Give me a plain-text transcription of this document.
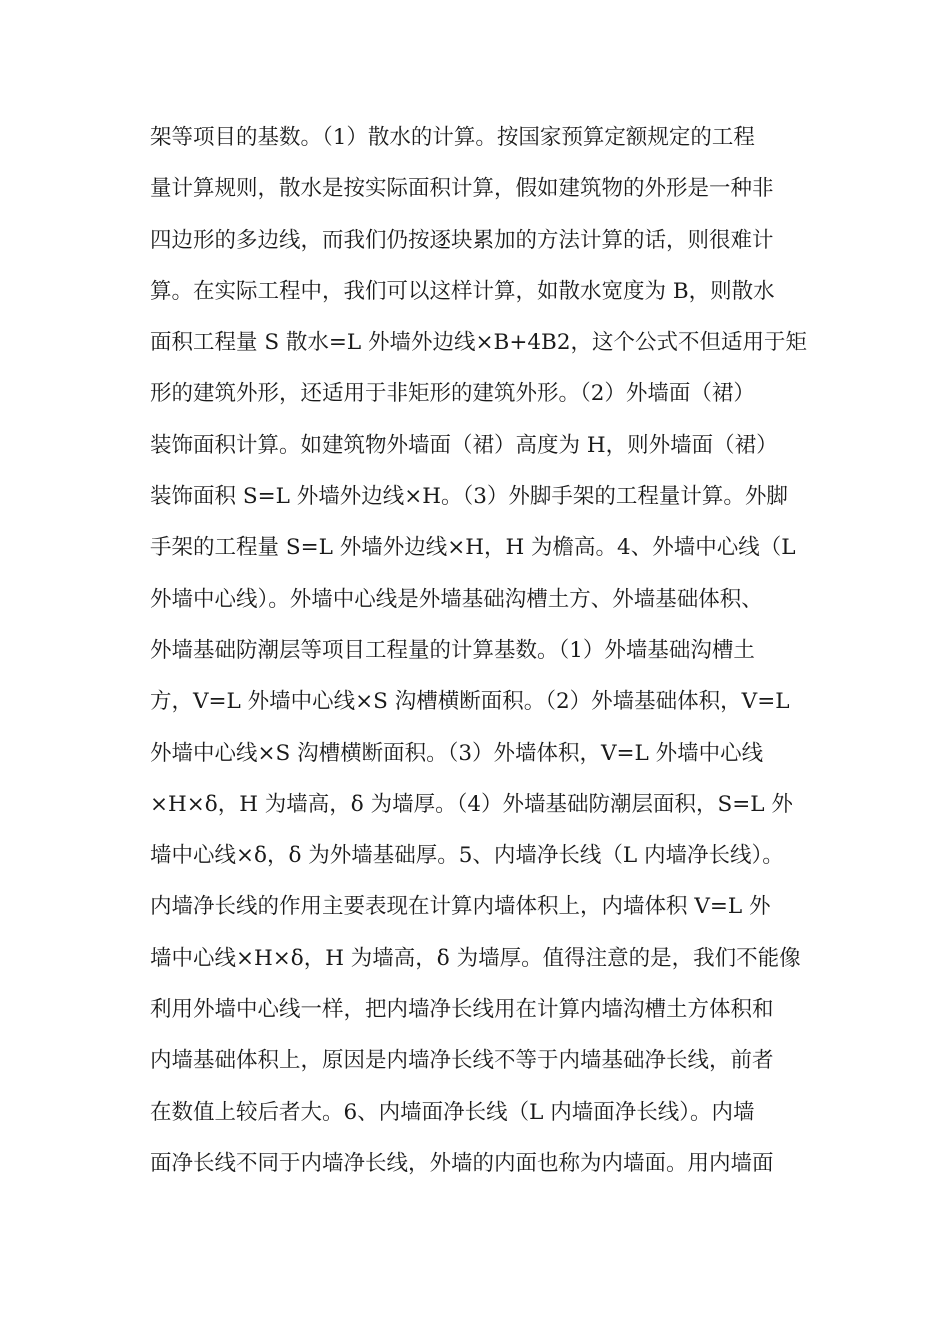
架等项目的基数。（1）散水的计算。按国家预算定额规定的工程
量计算规则，散水是按实际面积计算，假如建筑物的外形是一种非
四边形的多边线，而我们仍按逐块累加的方法计算的话，则很难计
算。在实际工程中，我们可以这样计算，如散水宽度为 B，则散水
面积工程量 S 散水=L 外墙外边线×B+4B2，这个公式不但适用于矩
形的建筑外形，还适用于非矩形的建筑外形。（2）外墙面（裙）
装饰面积计算。如建筑物外墙面（裙）高度为 H，则外墙面（裙）
装饰面积 S=L 外墙外边线×H。（3）外脚手架的工程量计算。外脚
手架的工程量 S=L 外墙外边线×H，H 为檐高。4、外墙中心线（L
外墙中心线）。外墙中心线是外墙基础沟槽土方、外墙基础体积、
外墙基础防潮层等项目工程量的计算基数。（1）外墙基础沟槽土
方，V=L 外墙中心线×S 沟槽横断面积。（2）外墙基础体积，V=L
外墙中心线×S 沟槽横断面积。（3）外墙体积，V=L 外墙中心线
×H×δ，H 为墙高，δ 为墙厚。（4）外墙基础防潮层面积，S=L 外
墙中心线×δ，δ 为外墙基础厚。5、内墙净长线（L 内墙净长线）。
内墙净长线的作用主要表现在计算内墙体积上，内墙体积 V=L 外
墙中心线×H×δ，H 为墙高，δ 为墙厚。值得注意的是，我们不能像
利用外墙中心线一样，把内墙净长线用在计算内墙沟槽土方体积和
内墙基础体积上，原因是内墙净长线不等于内墙基础净长线，前者
在数值上较后者大。6、内墙面净长线（L 内墙面净长线）。内墙
面净长线不同于内墙净长线，外墙的内面也称为内墙面。用内墙面
